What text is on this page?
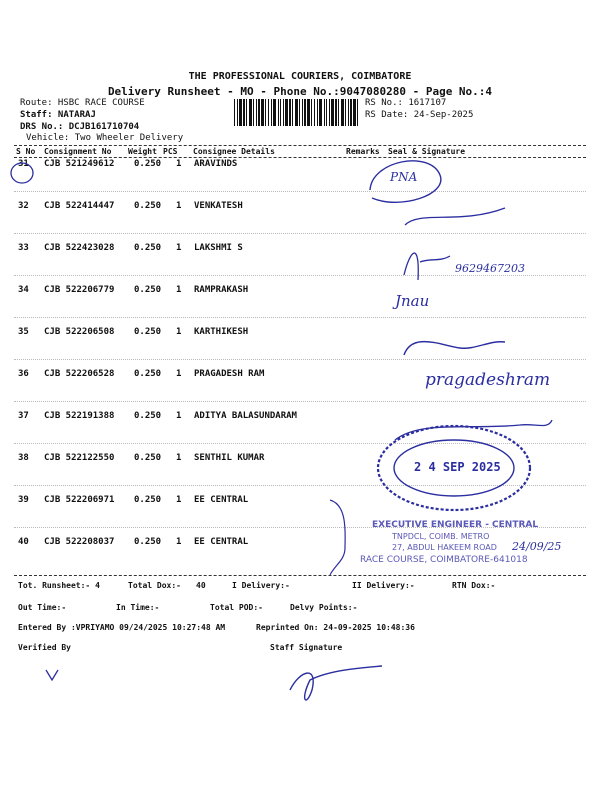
THE PROFESSIONAL COURIERS, COIMBATORE
Delivery Runsheet - MO - Phone No.:9047080280 - Page No.:4
Route: HSBC RACE COURSE
Staff: NATARAJ
DRS No.: DCJB161710704
Vehicle: Two Wheeler Delivery
RS No.: 1617107
RS Date: 24-Sep-2025
S No Consignment No Weight PCS Consignee Details	Remarks Seal & Signature
31 CJB 521249612 0.250 1 ARAVINDS
32 CJB 522414447 0.250 1 VENKATESH
33 CJB 522423028 0.250 1 LAKSHMI S
34 CJB 522206779 0.250 1 RAMPRAKASH
35 CJB 522206508 0.250 1 KARTHIKESH
36 CJB 522206528 0.250 1 PRAGADESH RAM
37 CJB 522191388 0.250 1 ADITYA BALASUNDARAM
38 CJB 522122550 0.250 1 SENTHIL KUMAR
39 CJB 522206971 0.250 1 EE CENTRAL
40 CJB 522208037 0.250 1 EE CENTRAL
Tot. Runsheet:- 4	Total Dox:- 40	I Delivery:-	II Delivery:-	RTN Dox:-
Out Time:-	In Time:-	Total POD:-	Delvy Points:-
Entered By :VPRIYAMO 09/24/2025 10:27:48 AM	Reprinted On: 24-09-2025 10:48:36
Verified By	Staff Signature
PNA
9629467203
Jnau
pragadeshram
24/09/25
2 4 SEP 2025
EXECUTIVE ENGINEER - CENTRAL
TNPDCL, COIMB. METRO
27, ABDUL HAKEEM ROAD
RACE COURSE, COIMBATORE-641018
